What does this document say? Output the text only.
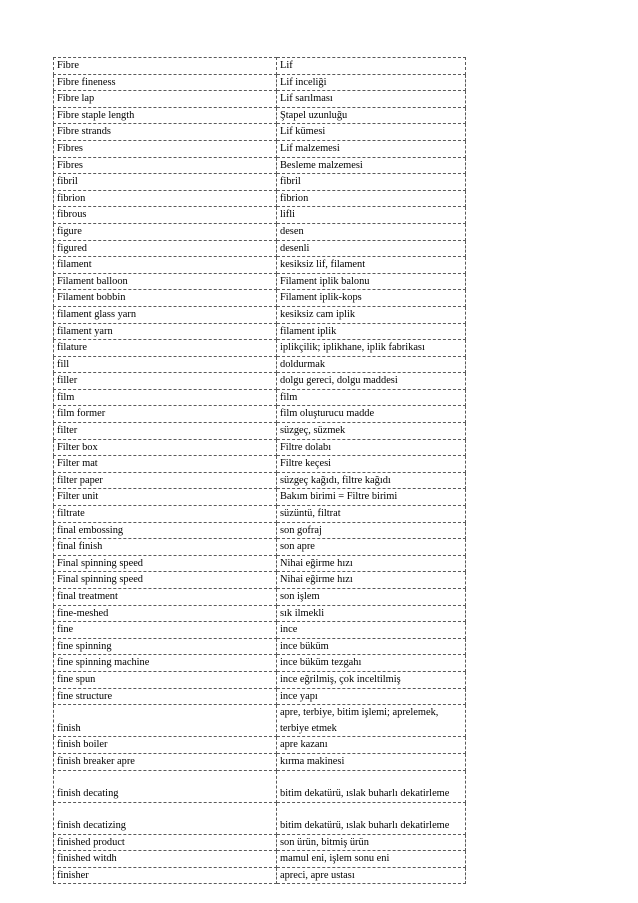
Fibre	Lif
Fibre fineness	Lif inceliği
Fibre lap	Lif sarılması
Fibre staple length	Ştapel uzunluğu
Fibre strands	Lif kümesi
Fibres	Lif malzemesi
Fibres	Besleme malzemesi
fibril	fibril
fibrion	fibrion
fibrous	lifli
figure	desen
figured	desenli
filament	kesiksiz lif, filament
Filament balloon	Filament iplik balonu
Filament bobbin	Filament iplik-kops
filament glass yarn	kesiksiz cam iplik
filament yarn	filament iplik
filature	iplikçilik; iplikhane, iplik fabrikası
fill	doldurmak
filler	dolgu gereci, dolgu maddesi
film	film
film former	film oluşturucu madde
filter	süzgeç, süzmek
Filter box	Filtre dolabı
Filter mat	Filtre keçesi
filter paper	süzgeç kağıdı, filtre kağıdı
Filter unit	Bakım birimi = Filtre birimi
filtrate	süzüntü, filtrat
final embossing	son gofraj
final finish	son apre
Final spinning speed	Nihai eğirme hızı
Final spinning speed	Nihai eğirme hızı
final treatment	son işlem
fine-meshed	sık ilmekli
fine	ince
fine spinning	ince büküm
fine spinning machine	ince büküm tezgahı
fine spun	ince eğrilmiş, çok inceltilmiş
fine structure	ince yapı
finish	apre, terbiye, bitim işlemi; aprelemek, terbiye etmek
finish boiler	apre kazanı
finish breaker apre	kırma makinesi
finish decating	bitim dekatürü, ıslak buharlı dekatirleme
finish decatizing	bitim dekatürü, ıslak buharlı dekatirleme
finished product	son ürün, bitmiş ürün
finished witdh	mamul eni, işlem sonu eni
finisher	apreci, apre ustası
